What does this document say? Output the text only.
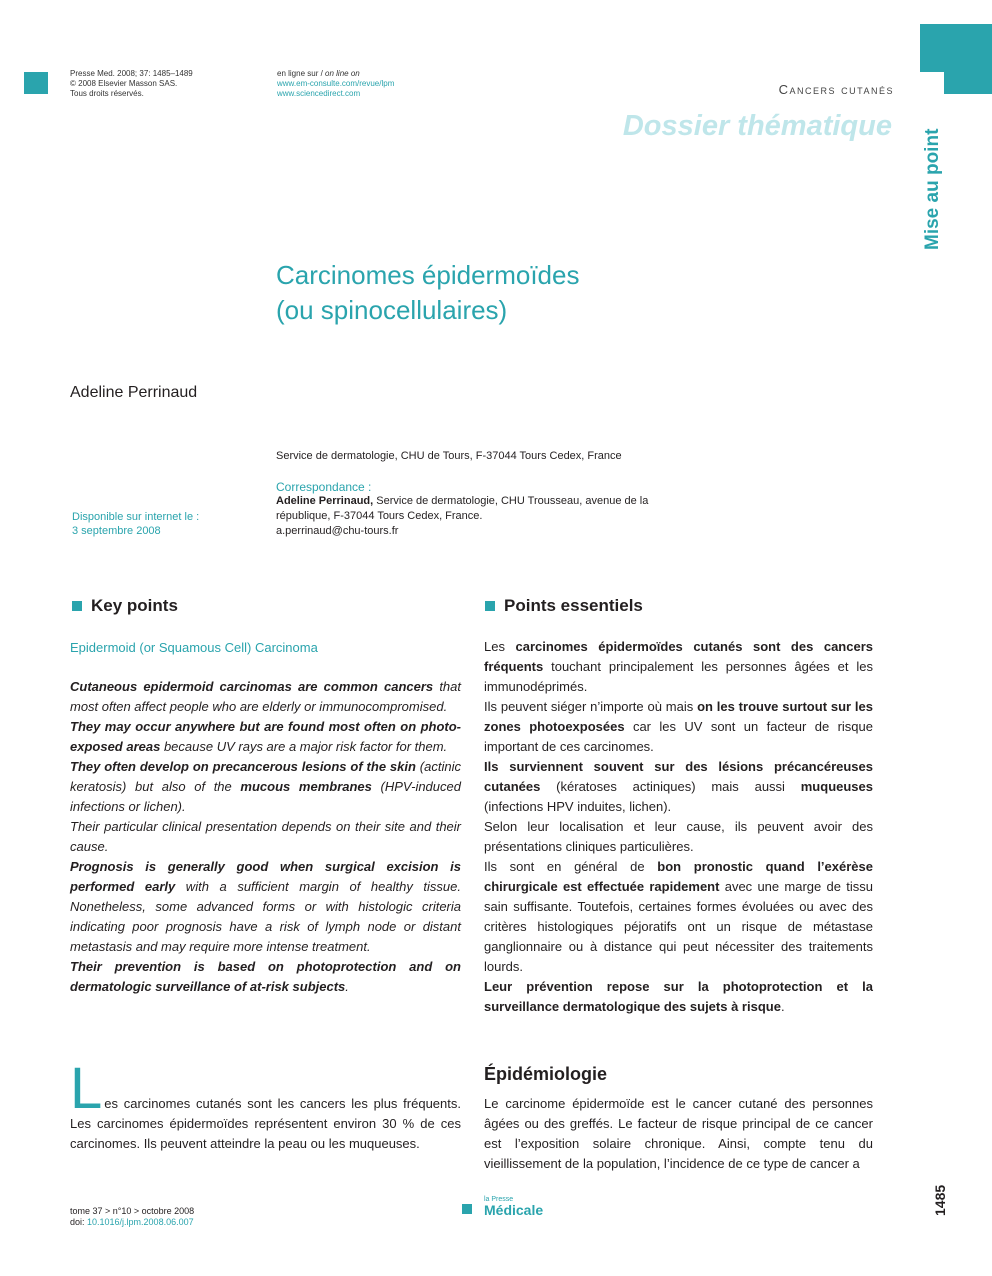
Presse Med. 2008; 37: 1485–1489
© 2008 Elsevier Masson SAS.
Tous droits réservés.
en ligne sur / on line on
www.em-consulte.com/revue/lpm
www.sciencedirect.com	Cancers cutanés
Dossier thématique
Mise au point
Carcinomes épidermoïdes
(ou spinocellulaires)
Adeline Perrinaud
Service de dermatologie, CHU de Tours, F-37044 Tours Cedex, France
Correspondance :
Adeline Perrinaud, Service de dermatologie, CHU Trousseau, avenue de la
république, F-37044 Tours Cedex, France.
a.perrinaud@chu-tours.fr
Disponible sur internet le :
3 septembre 2008
Key points
Epidermoid (or Squamous Cell) Carcinoma

Cutaneous epidermoid carcinomas are common cancers that most often affect people who are elderly or immunocompromised.

They may occur anywhere but are found most often on photo-exposed areas because UV rays are a major risk factor for them.

They often develop on precancerous lesions of the skin (actinic keratosis) but also of the mucous membranes (HPV-induced infections or lichen).

Their particular clinical presentation depends on their site and their cause.

Prognosis is generally good when surgical excision is performed early with a sufficient margin of healthy tissue. Nonetheless, some advanced forms or with histologic criteria indicating poor prognosis have a risk of lymph node or distant metastasis and may require more intense treatment.

Their prevention is based on photoprotection and on dermatologic surveillance of at-risk subjects.

Points essentiels

Les carcinomes épidermoïdes cutanés sont des cancers fréquents touchant principalement les personnes âgées et les immunodéprimés.

Ils peuvent siéger n’importe où mais on les trouve surtout sur les zones photoexposées car les UV sont un facteur de risque important de ces carcinomes.

Ils surviennent souvent sur des lésions précancéreuses cutanées (kératoses actiniques) mais aussi muqueuses (infections HPV induites, lichen).

Selon leur localisation et leur cause, ils peuvent avoir des présentations cliniques particulières.

Ils sont en général de bon pronostic quand l’exérèse chirurgicale est effectuée rapidement avec une marge de tissu sain suffisante. Toutefois, certaines formes évoluées ou avec des critères histologiques péjoratifs ont un risque de métastase ganglionnaire ou à distance qui peut nécessiter des traitements lourds.

Leur prévention repose sur la photoprotection et la surveillance dermatologique des sujets à risque.

L es carcinomes cutanés sont les cancers les plus fréquents. Les carcinomes épidermoïdes représentent environ 30 % de ces carcinomes. Ils peuvent atteindre la peau ou les muqueuses.
Épidémiologie
Le carcinome épidermoïde est le cancer cutané des personnes âgées ou des greffés. Le facteur de risque principal de ce cancer est l’exposition solaire chronique. Ainsi, compte tenu du vieillissement de la population, l’incidence de ce type de cancer a
tome 37 > n°10 > octobre 2008
doi: 10.1016/j.lpm.2008.06.007
la Presse
Médicale	1485
